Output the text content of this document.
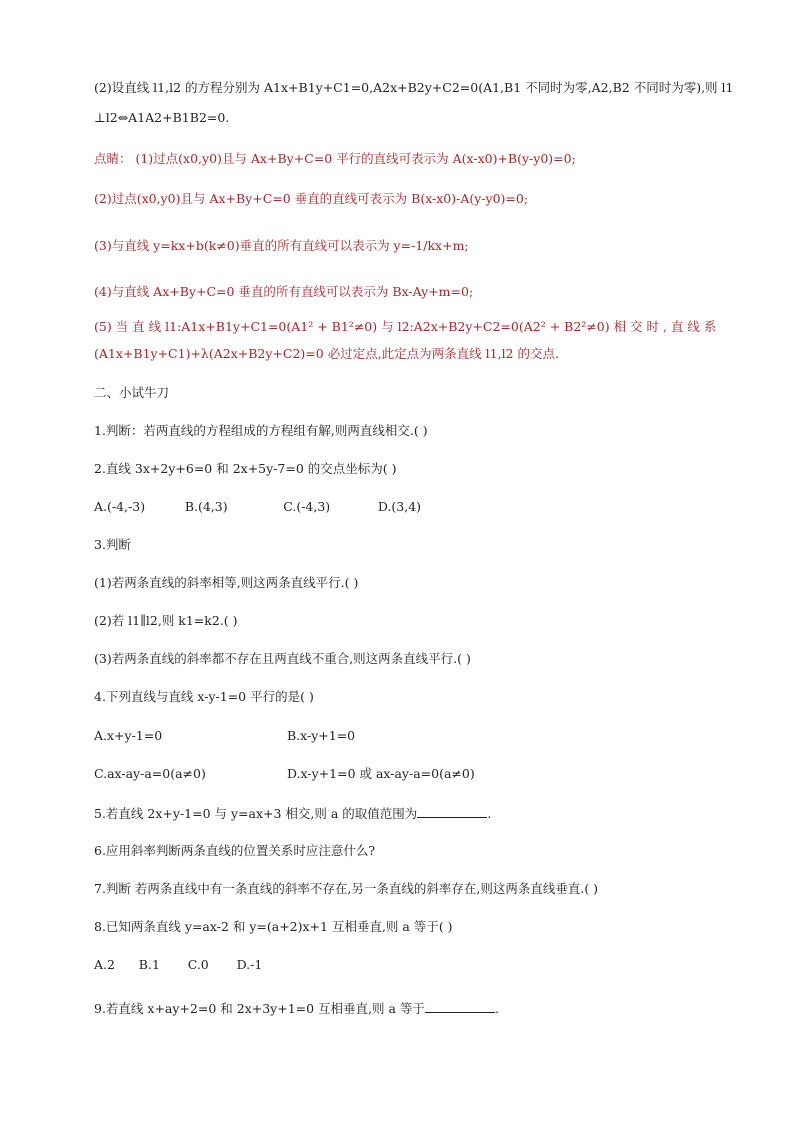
(2)设直线 l1,l2 的方程分别为 A1x+B1y+C1=0,A2x+B2y+C2=0(A1,B1 不同时为零,A2,B2 不同时为零),则 l1
⊥l2⇔A1A2+B1B2=0.
点睛： (1)过点(x0,y0)且与 Ax+By+C=0 平行的直线可表示为 A(x-x0)+B(y-y0)=0;
(2)过点(x0,y0)且与 Ax+By+C=0 垂直的直线可表示为 B(x-x0)-A(y-y0)=0;
(3)与直线 y=kx+b(k≠0)垂直的所有直线可以表示为 y=-1/kx+m;
(4)与直线 Ax+By+C=0 垂直的所有直线可以表示为 Bx-Ay+m=0;
(5) 当 直 线 l1:A1x+B1y+C1=0(A1² + B1²≠0) 与 l2:A2x+B2y+C2=0(A2² + B2²≠0) 相 交 时 , 直 线 系
(A1x+B1y+C1)+λ(A2x+B2y+C2)=0 必过定点,此定点为两条直线 l1,l2 的交点.
二、小试牛刀
1.判断：若两直线的方程组成的方程组有解,则两直线相交.( )
2.直线 3x+2y+6=0 和 2x+5y-7=0 的交点坐标为( )
A.(-4,-3)          B.(4,3)              C.(-4,3)            D.(3,4)
3.判断
(1)若两条直线的斜率相等,则这两条直线平行.( )
(2)若 l1∥l2,则 k1=k2.( )
(3)若两条直线的斜率都不存在且两直线不重合,则这两条直线平行.( )
4.下列直线与直线 x-y-1=0 平行的是( )
A.x+y-1=0	B.x-y+1=0
C.ax-ay-a=0(a≠0)	D.x-y+1=0 或 ax-ay-a=0(a≠0)
5.若直线 2x+y-1=0 与 y=ax+3 相交,则 a 的取值范围为	.
6.应用斜率判断两条直线的位置关系时应注意什么?
7.判断 若两条直线中有一条直线的斜率不存在,另一条直线的斜率存在,则这两条直线垂直.( )
8.已知两条直线 y=ax-2 和 y=(a+2)x+1 互相垂直,则 a 等于( )
A.2      B.1       C.0       D.-1
9.若直线 x+ay+2=0 和 2x+3y+1=0 互相垂直,则 a 等于	.
